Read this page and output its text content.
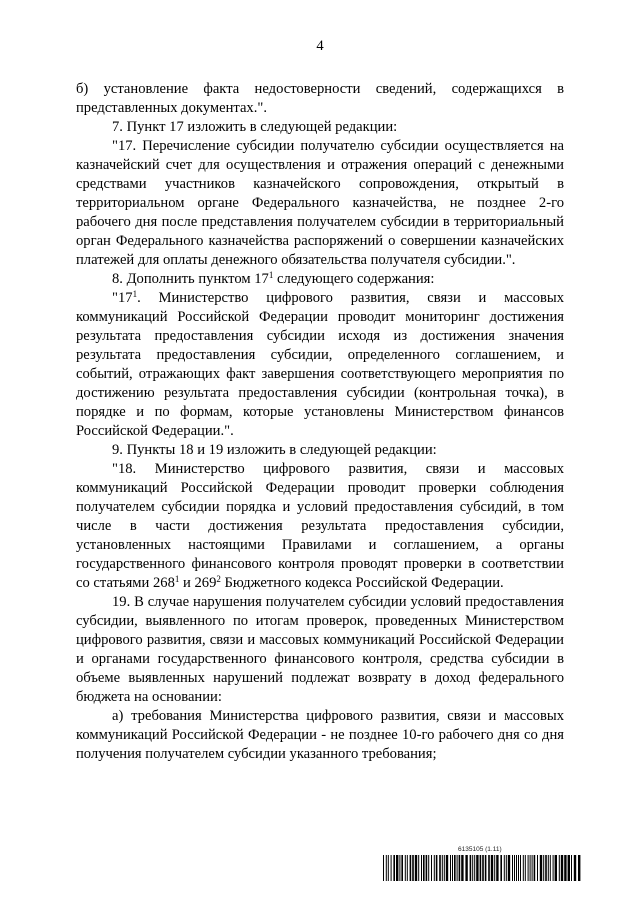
4

б) установление факта недостоверности сведений, содержащихся в представленных документах.".

7. Пункт 17 изложить в следующей редакции:

"17. Перечисление субсидии получателю субсидии осуществляется на казначейский счет для осуществления и отражения операций с денежными средствами участников казначейского сопровождения, открытый в территориальном органе Федерального казначейства, не позднее 2-го рабочего дня после представления получателем субсидии в территориальный орган Федерального казначейства распоряжений о совершении казначейских платежей для оплаты денежного обязательства получателя субсидии.".

8. Дополнить пунктом $17^1$ следующего содержания:

"$17^1$. Министерство цифрового развития, связи и массовых коммуникаций Российской Федерации проводит мониторинг достижения результата предоставления субсидии исходя из достижения значения результата предоставления субсидии, определенного соглашением, и событий, отражающих факт завершения соответствующего мероприятия по достижению результата предоставления субсидии (контрольная точка), в порядке и по формам, которые установлены Министерством финансов Российской Федерации.".

9. Пункты 18 и 19 изложить в следующей редакции:

"18. Министерство цифрового развития, связи и массовых коммуникаций Российской Федерации проводит проверки соблюдения получателем субсидии порядка и условий предоставления субсидий, в том числе в части достижения результата предоставления субсидии, установленных настоящими Правилами и соглашением, а органы государственного финансового контроля проводят проверки в соответствии со статьями $268^1$ и $269^2$ Бюджетного кодекса Российской Федерации.

19. В случае нарушения получателем субсидии условий предоставления субсидии, выявленного по итогам проверок, проведенных Министерством цифрового развития, связи и массовых коммуникаций Российской Федерации и органами государственного финансового контроля, средства субсидии в объеме выявленных нарушений подлежат возврату в доход федерального бюджета на основании:

а) требования Министерства цифрового развития, связи и массовых коммуникаций Российской Федерации - не позднее 10-го рабочего дня со дня получения получателем субсидии указанного требования;

6135105 (1.11)
